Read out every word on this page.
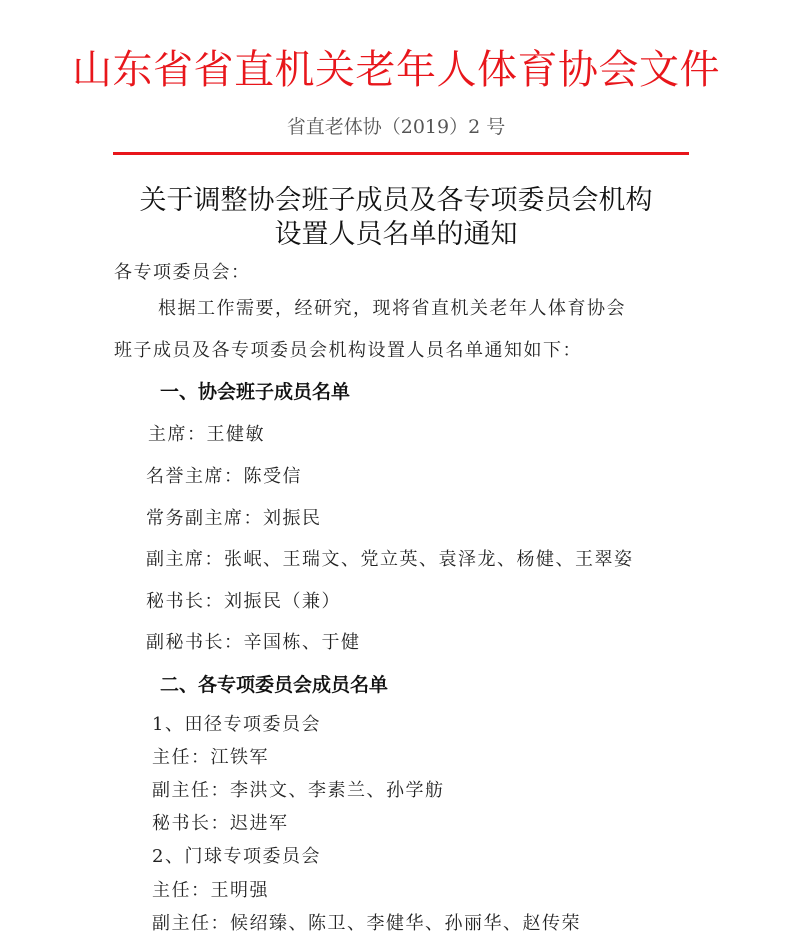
山东省省直机关老年人体育协会文件
省直老体协（2019）2 号
关于调整协会班子成员及各专项委员会机构
设置人员名单的通知
各专项委员会：
根据工作需要，经研究，现将省直机关老年人体育协会
班子成员及各专项委员会机构设置人员名单通知如下：
一、协会班子成员名单
主席：王健敏
名誉主席：陈受信
常务副主席：刘振民
副主席：张岷、王瑞文、党立英、袁泽龙、杨健、王翠姿
秘书长：刘振民（兼）
副秘书长：辛国栋、于健
二、各专项委员会成员名单
1、田径专项委员会
主任：江铁军
副主任：李洪文、李素兰、孙学舫
秘书长：迟进军
2、门球专项委员会
主任：王明强
副主任：候绍臻、陈卫、李健华、孙丽华、赵传荣
